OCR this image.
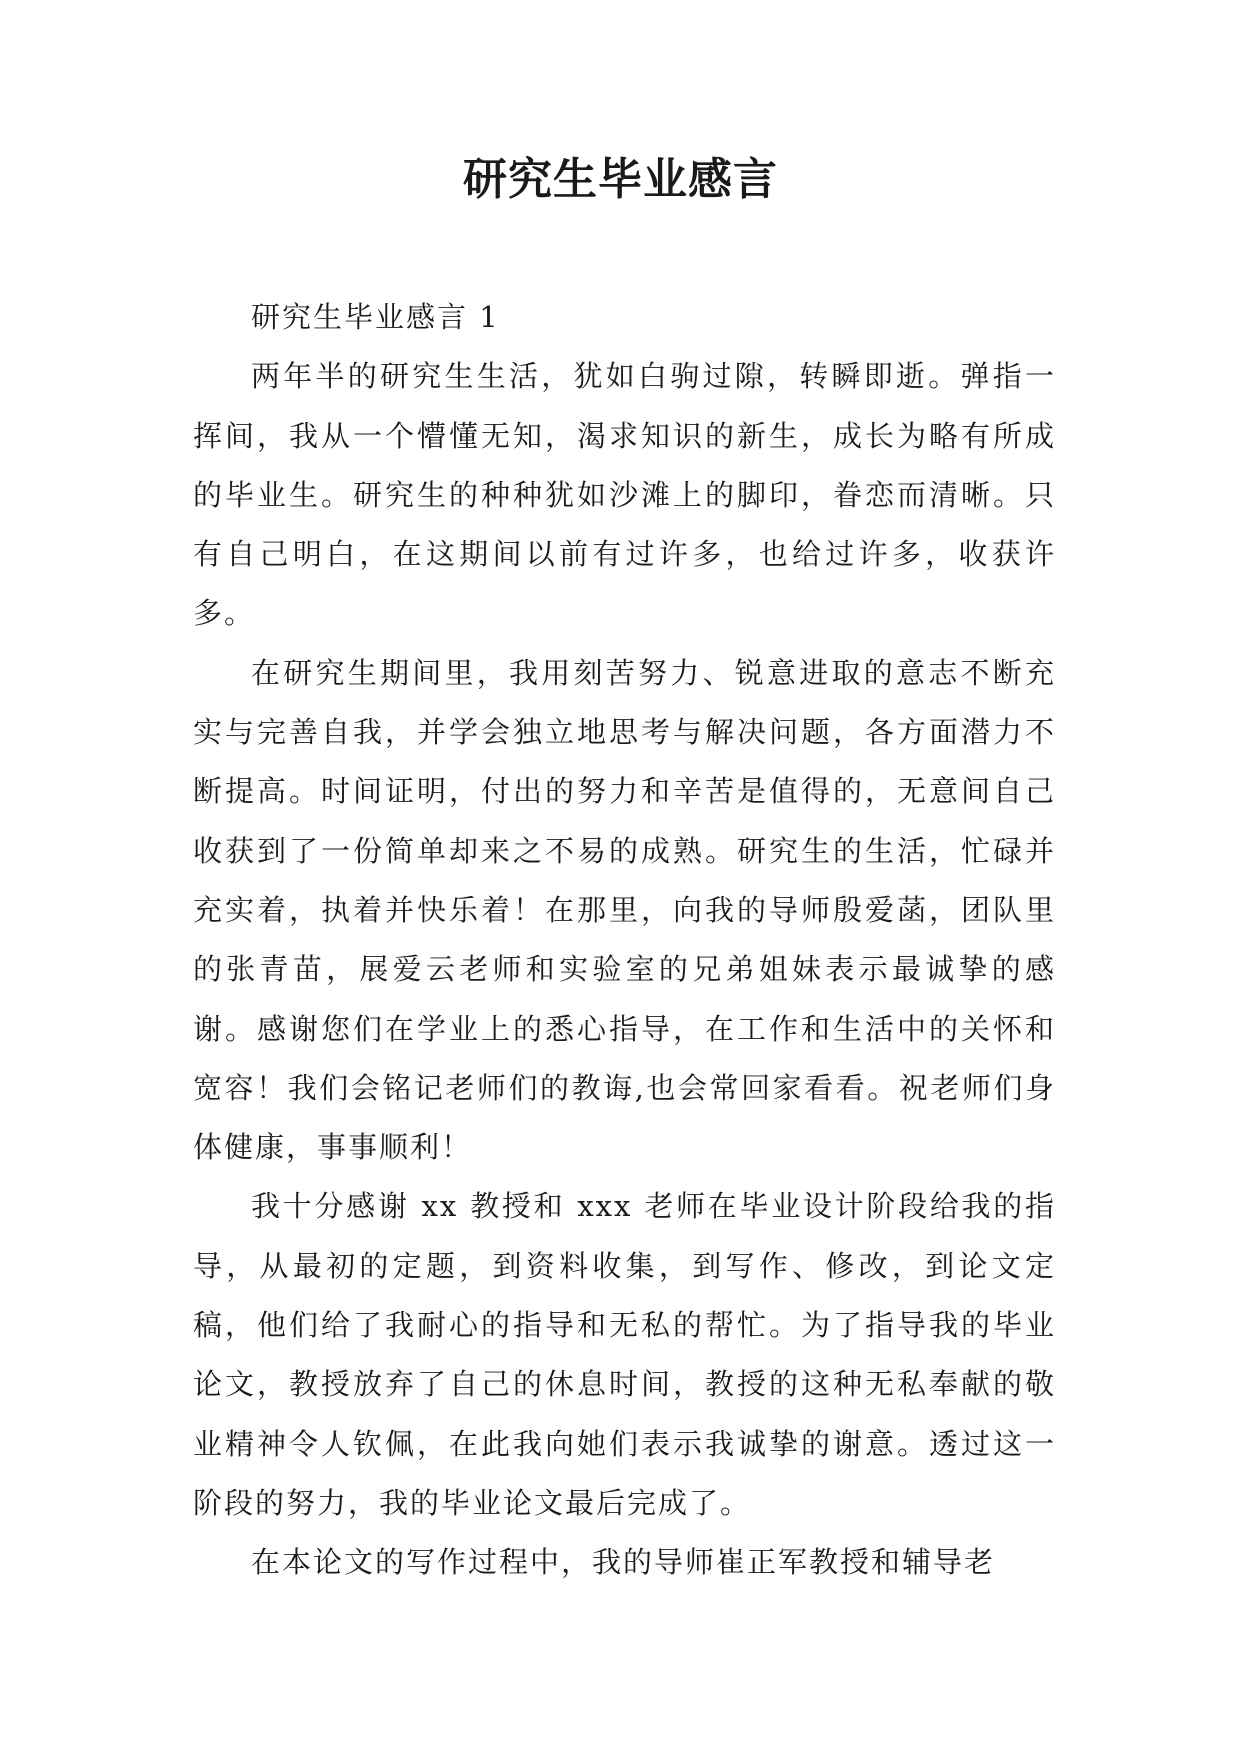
研究生毕业感言

研究生毕业感言 1

两年半的研究生生活，犹如白驹过隙，转瞬即逝。弹指一挥间，我从一个懵懂无知，渴求知识的新生，成长为略有所成的毕业生。研究生的种种犹如沙滩上的脚印，眷恋而清晰。只有自己明白，在这期间以前有过许多，也给过许多，收获许多。

在研究生期间里，我用刻苦努力、锐意进取的意志不断充实与完善自我，并学会独立地思考与解决问题，各方面潜力不断提高。时间证明，付出的努力和辛苦是值得的，无意间自己收获到了一份简单却来之不易的成熟。研究生的生活，忙碌并充实着，执着并快乐着！在那里，向我的导师殷爱菡，团队里的张青苗，展爱云老师和实验室的兄弟姐妹表示最诚挚的感谢。感谢您们在学业上的悉心指导，在工作和生活中的关怀和宽容！我们会铭记老师们的教诲,也会常回家看看。祝老师们身体健康，事事顺利！

我十分感谢 xx 教授和 xxx 老师在毕业设计阶段给我的指导，从最初的定题，到资料收集，到写作、修改，到论文定稿，他们给了我耐心的指导和无私的帮忙。为了指导我的毕业论文，教授放弃了自己的休息时间，教授的这种无私奉献的敬业精神令人钦佩，在此我向她们表示我诚挚的谢意。透过这一阶段的努力，我的毕业论文最后完成了。

在本论文的写作过程中，我的导师崔正军教授和辅导老
